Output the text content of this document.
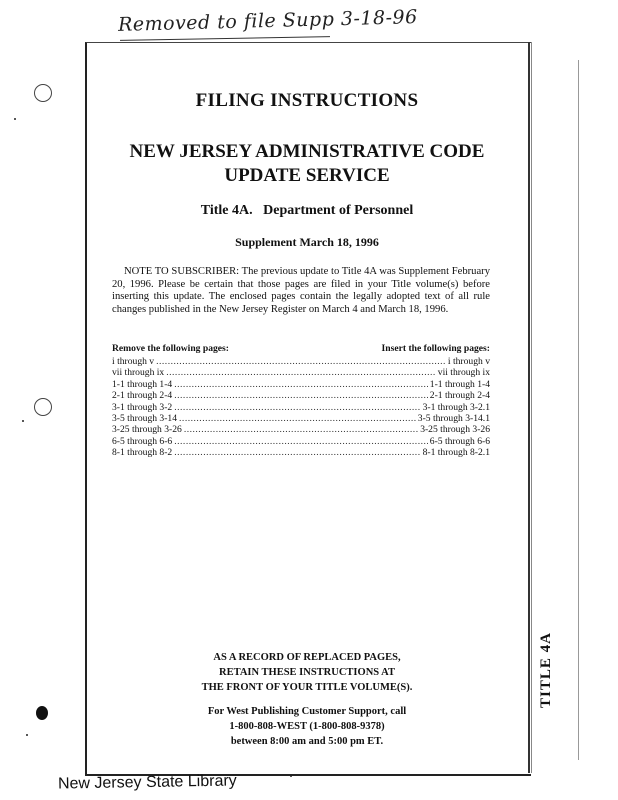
Removed to file Supp 3-18-96
FILING INSTRUCTIONS
NEW JERSEY ADMINISTRATIVE CODE
UPDATE SERVICE
Title 4A.   Department of Personnel
Supplement March 18, 1996
NOTE TO SUBSCRIBER: The previous update to Title 4A was Supplement February 20, 1996. Please be certain that those pages are filed in your Title volume(s) before inserting this update. The enclosed pages contain the legally adopted text of all rule changes published in the New Jersey Register on March 4 and March 18, 1996.
Remove the following pages:	Insert the following pages:
i through v .....	i through v
vii through ix .....	vii through ix
1-1 through 1-4 .....	1-1 through 1-4
2-1 through 2-4 .....	2-1 through 2-4
3-1 through 3-2 .....	3-1 through 3-2.1
3-5 through 3-14 .....	3-5 through 3-14.1
3-25 through 3-26 .....	3-25 through 3-26
6-5 through 6-6 .....	6-5 through 6-6
8-1 through 8-2 .....	8-1 through 8-2.1
AS A RECORD OF REPLACED PAGES,
RETAIN THESE INSTRUCTIONS AT
THE FRONT OF YOUR TITLE VOLUME(S).
For West Publishing Customer Support, call
1-800-808-WEST (1-800-808-9378)
between 8:00 am and 5:00 pm ET.
TITLE 4A
New Jersey State Library
